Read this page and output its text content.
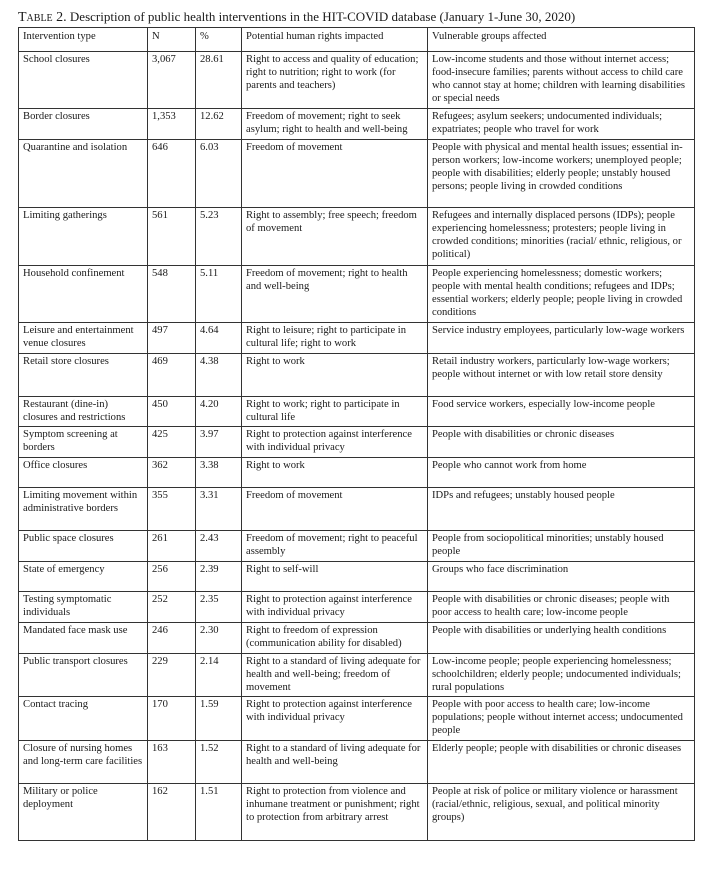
Table 2. Description of public health interventions in the HIT-COVID database (January 1-June 30, 2020)
Intervention type	N	%	Potential human rights impacted	Vulnerable groups affected
School closures	3,067	28.61	Right to access and quality of education; right to nutrition; right to work (for parents and teachers)	Low-income students and those without internet access; food-insecure families; parents without access to child care who cannot stay at home; children with learning disabilities or special needs
Border closures	1,353	12.62	Freedom of movement; right to seek asylum; right to health and well-being	Refugees; asylum seekers; undocumented individuals; expatriates; people who travel for work
Quarantine and isolation	646	6.03	Freedom of movement	People with physical and mental health issues; essential in-person workers; low-income workers; unemployed people; people with disabilities; elderly people; unstably housed persons; people living in crowded conditions
Limiting gatherings	561	5.23	Right to assembly; free speech; freedom of movement	Refugees and internally displaced persons (IDPs); people experiencing homelessness; protesters; people living in crowded conditions; minorities (racial/ ethnic, religious, or political)
Household confinement	548	5.11	Freedom of movement; right to health and well-being	People experiencing homelessness; domestic workers; people with mental health conditions; refugees and IDPs; essential workers; elderly people; people living in crowded conditions
Leisure and entertainment venue closures	497	4.64	Right to leisure; right to participate in cultural life; right to work	Service industry employees, particularly low-wage workers
Retail store closures	469	4.38	Right to work	Retail industry workers, particularly low-wage workers; people without internet or with low retail store density
Restaurant (dine-in) closures and restrictions	450	4.20	Right to work; right to participate in cultural life	Food service workers, especially low-income people
Symptom screening at borders	425	3.97	Right to protection against interference with individual privacy	People with disabilities or chronic diseases
Office closures	362	3.38	Right to work	People who cannot work from home
Limiting movement within administrative borders	355	3.31	Freedom of movement	IDPs and refugees; unstably housed people
Public space closures	261	2.43	Freedom of movement; right to peaceful assembly	People from sociopolitical minorities; unstably housed people
State of emergency	256	2.39	Right to self-will	Groups who face discrimination
Testing symptomatic individuals	252	2.35	Right to protection against interference with individual privacy	People with disabilities or chronic diseases; people with poor access to health care; low-income people
Mandated face mask use	246	2.30	Right to freedom of expression (communication ability for disabled)	People with disabilities or underlying health conditions
Public transport closures	229	2.14	Right to a standard of living adequate for health and well-being; freedom of movement	Low-income people; people experiencing homelessness; schoolchildren; elderly people; undocumented individuals; rural populations
Contact tracing	170	1.59	Right to protection against interference with individual privacy	People with poor access to health care; low-income populations; people without internet access; undocumented people
Closure of nursing homes and long-term care facilities	163	1.52	Right to a standard of living adequate for health and well-being	Elderly people; people with disabilities or chronic diseases
Military or police deployment	162	1.51	Right to protection from violence and inhumane treatment or punishment; right to protection from arbitrary arrest	People at risk of police or military violence or harassment (racial/ethnic, religious, sexual, and political minority groups)
